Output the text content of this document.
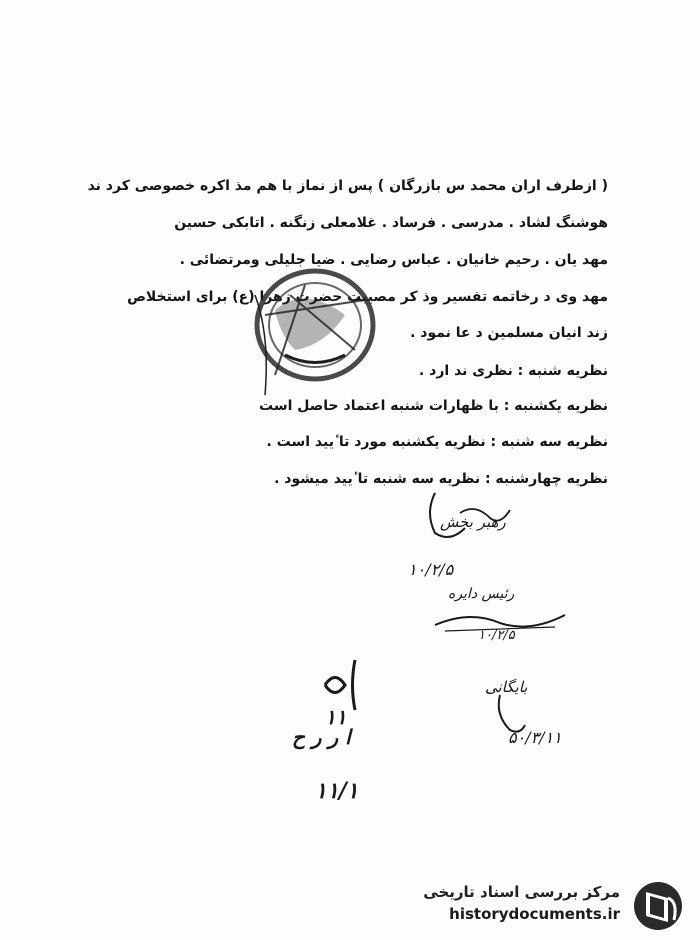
( ازطرف اران محمد س بازرگان ) پس از نماز با هم مذ اکره خصوصی کرد ند
هوشنگ لشاد . مدرسی . فرساد . غلامعلی زنگنه . اتابکی حسین
مهد یان . رحیم خانیان . عباس رضایی . ضیا جلیلی ومرتضائی .
مهد وی د رخاتمه تفسیر وذ کر مصیبت حضرت زهرا (ع) برای استخلاص
زند انیان مسلمین د عا نمود .
نظریه شنبه : نظری ند ارد .
نظریه یکشنبه : با ظهارات شنبه اعتماد حاصل است
نظریه سه شنبه : نظریه یکشنبه مورد تا ٔیید است .
نظریه چهارشنبه : نظریه سه شنبه تا ٔیید میشود .
رهبر بخش
۱۰/۲/۵
رئیس دایره
۱۰/۲/۵
بایگانی
۵۰/۳/۱۱
۱۱
ا ر ر ح
۱۱/۱
مرکز بررسی اسناد تاریخی
historydocuments.ir
